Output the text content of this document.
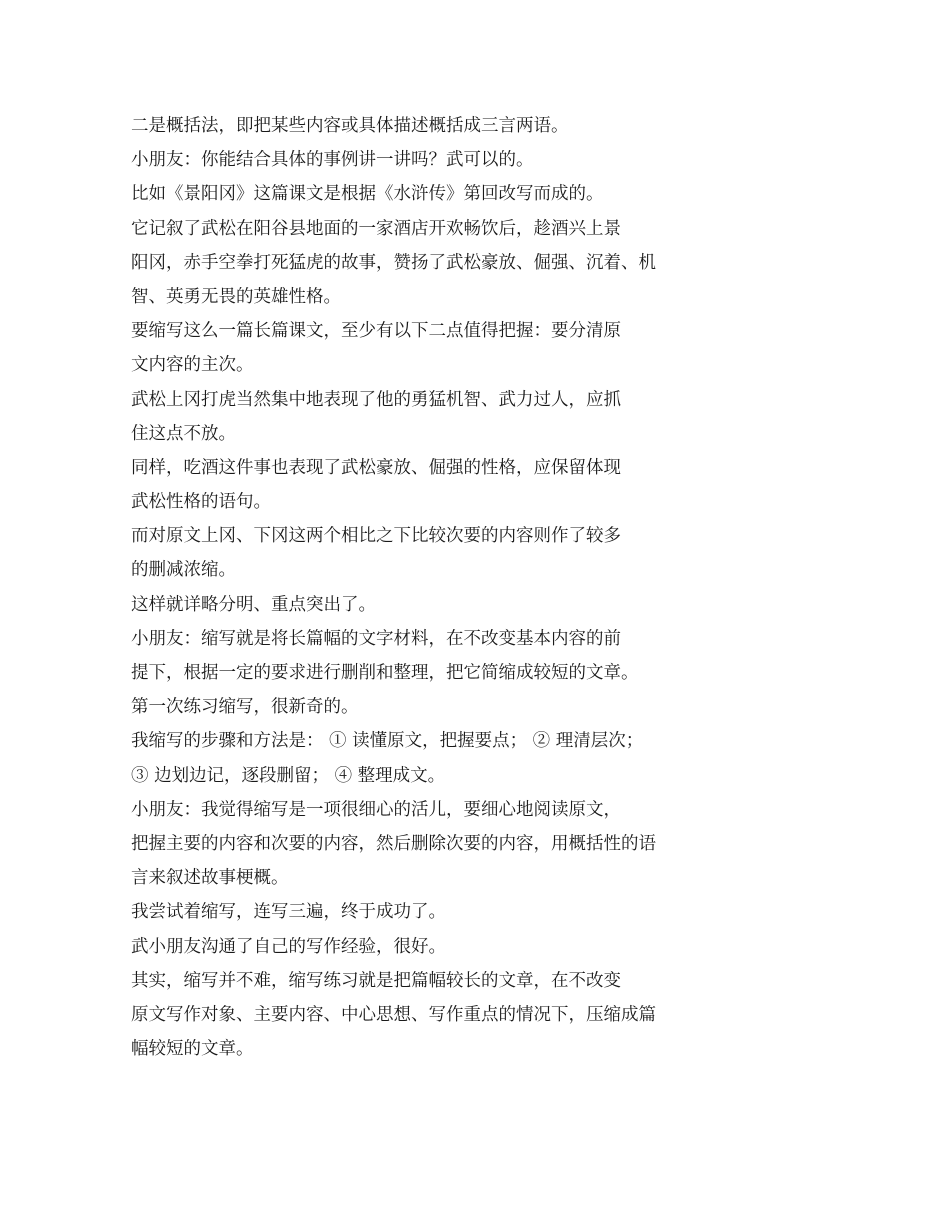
二是概括法，即把某些内容或具体描述概括成三言两语。
小朋友：你能结合具体的事例讲一讲吗？武可以的。
比如《景阳冈》这篇课文是根据《水浒传》第回改写而成的。
它记叙了武松在阳谷县地面的一家酒店开欢畅饮后，趁酒兴上景
阳冈，赤手空拳打死猛虎的故事，赞扬了武松豪放、倔强、沉着、机
智、英勇无畏的英雄性格。
要缩写这么一篇长篇课文，至少有以下二点值得把握：要分清原
文内容的主次。
武松上冈打虎当然集中地表现了他的勇猛机智、武力过人，应抓
住这点不放。
同样，吃酒这件事也表现了武松豪放、倔强的性格，应保留体现
武松性格的语句。
而对原文上冈、下冈这两个相比之下比较次要的内容则作了较多
的删减浓缩。
这样就详略分明、重点突出了。
小朋友：缩写就是将长篇幅的文字材料，在不改变基本内容的前
提下，根据一定的要求进行删削和整理，把它简缩成较短的文章。
第一次练习缩写，很新奇的。
我缩写的步骤和方法是： ① 读懂原文，把握要点； ② 理清层次；
③ 边划边记，逐段删留； ④ 整理成文。
小朋友：我觉得缩写是一项很细心的活儿，要细心地阅读原文，
把握主要的内容和次要的内容，然后删除次要的内容，用概括性的语
言来叙述故事梗概。
我尝试着缩写，连写三遍，终于成功了。
武小朋友沟通了自己的写作经验，很好。
其实，缩写并不难，缩写练习就是把篇幅较长的文章，在不改变
原文写作对象、主要内容、中心思想、写作重点的情况下，压缩成篇
幅较短的文章。
